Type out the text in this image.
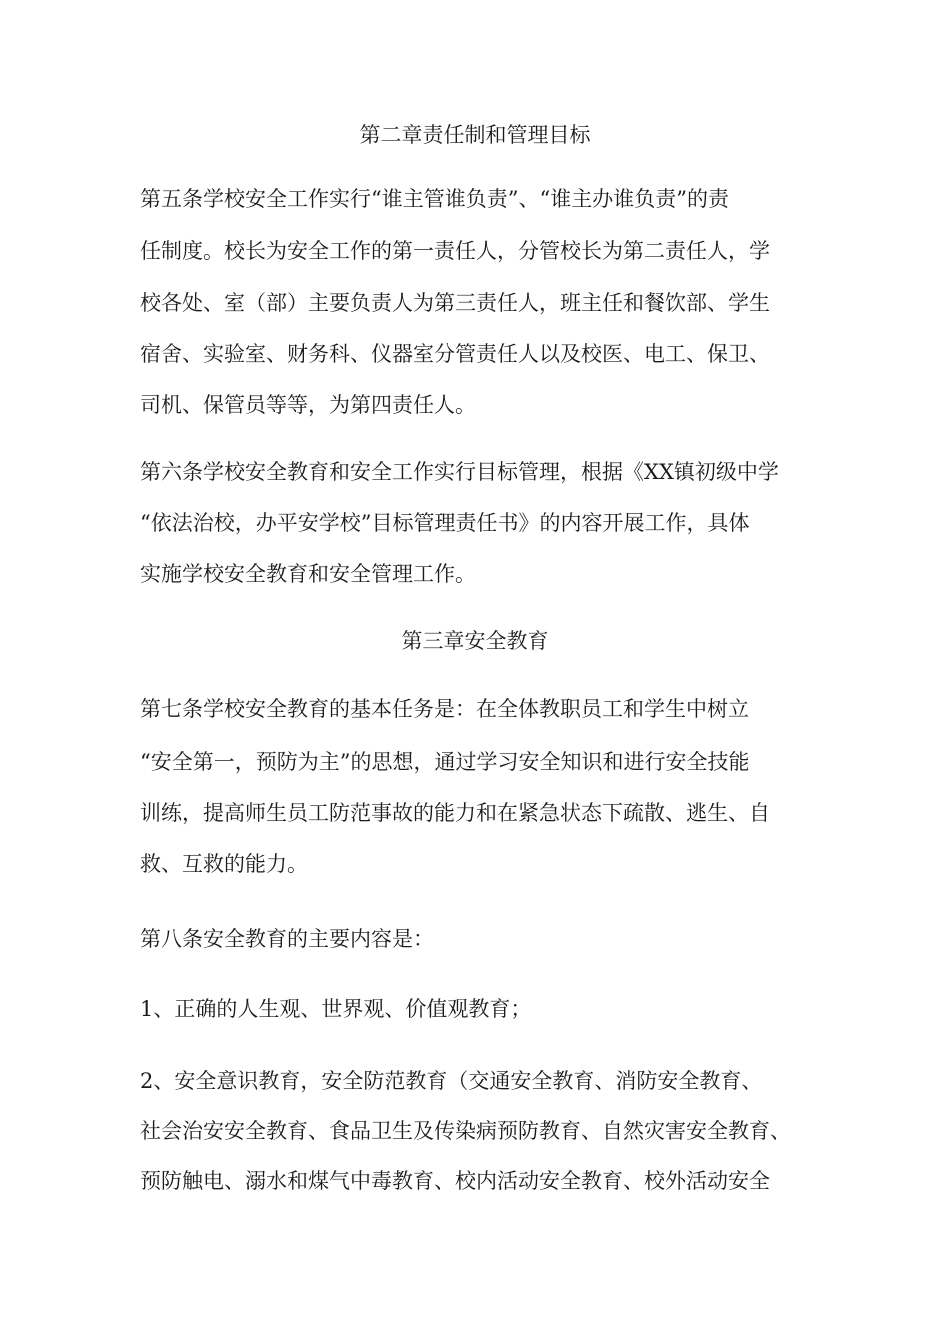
第二章责任制和管理目标

第五条学校安全工作实行“谁主管谁负责”、“谁主办谁负责”的责

任制度。校长为安全工作的第一责任人，分管校长为第二责任人，学

校各处、室（部）主要负责人为第三责任人，班主任和餐饮部、学生

宿舍、实验室、财务科、仪器室分管责任人以及校医、电工、保卫、

司机、保管员等等，为第四责任人。

第六条学校安全教育和安全工作实行目标管理，根据《XX镇初级中学

“依法治校，办平安学校”目标管理责任书》的内容开展工作，具体

实施学校安全教育和安全管理工作。

第三章安全教育

第七条学校安全教育的基本任务是：在全体教职员工和学生中树立

“安全第一，预防为主”的思想，通过学习安全知识和进行安全技能

训练，提高师生员工防范事故的能力和在紧急状态下疏散、逃生、自

救、互救的能力。

第八条安全教育的主要内容是：

1、正确的人生观、世界观、价值观教育；

2、安全意识教育，安全防范教育（交通安全教育、消防安全教育、

社会治安安全教育、食品卫生及传染病预防教育、自然灾害安全教育、

预防触电、溺水和煤气中毒教育、校内活动安全教育、校外活动安全
